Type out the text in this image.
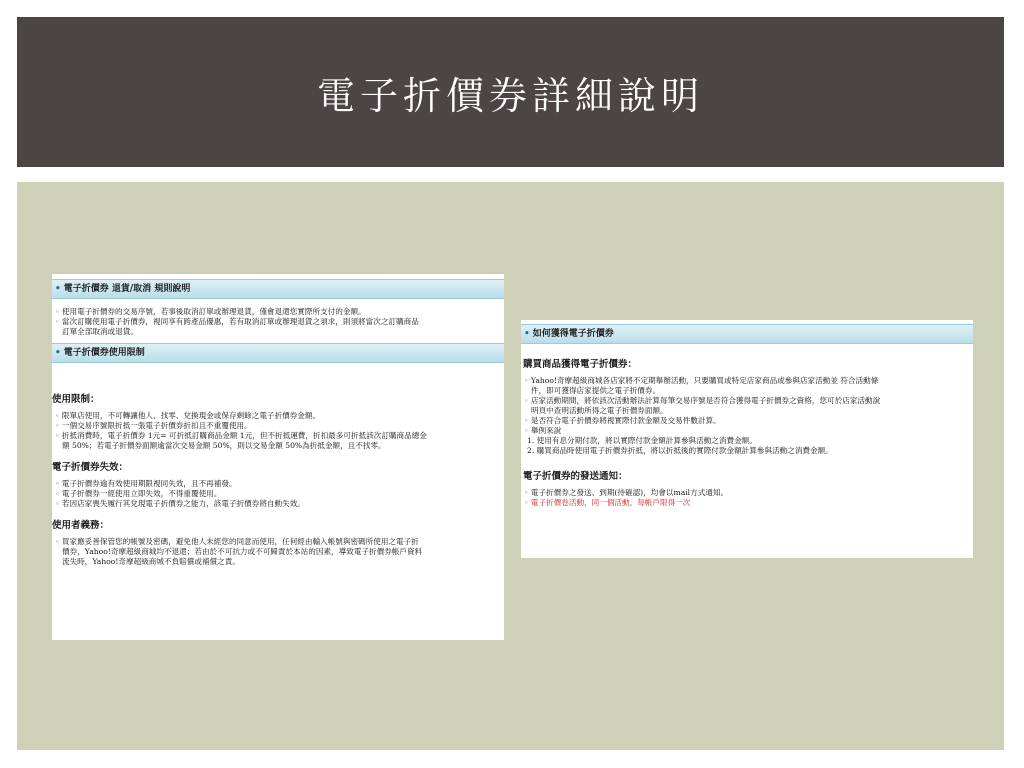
電子折價券詳細說明
• 電子折價券 退貨/取消 規則說明
◦ 使用電子折價券的交易序號，若事後取消訂單或辦理退貨，僅會退還您實際所支付的金額。
◦ 當次訂購使用電子折價券，視同享有跨產品優惠，若有取消訂單或辦理退貨之須求，則須將當次之訂購商品
訂單全部取消或退貨。
• 電子折價券使用限制
使用限制：
◦ 限單店使用，不可轉讓他人、找零、兌換現金或保存剩餘之電子折價券金額。
◦ 一個交易序號限折抵一張電子折價券折扣且不重覆使用。
◦ 折抵消費時，電子折價券 1元= 可折抵訂購商品金額 1元，但不折抵運費，折扣最多可折抵該次訂購商品總金
額 50%；若電子折價券面額逾當次交易金額 50%，則以交易金額 50%為折抵金額，且不找零。
電子折價券失效：
◦ 電子折價券逾有效使用期限視同失效，且不再補發。
◦ 電子折價券一經使用立即失效，不得重覆使用。
◦ 若因店家喪失履行其兌現電子折價券之能力，該電子折價券將自動失效。
使用者義務：
◦ 買家應妥善保管您的帳號及密碼，避免他人未經您的同意而使用，任何經由輸入帳號與密碼所使用之電子折
價券，Yahoo!奇摩超級商城均不退還；若由於不可抗力或不可歸責於本站的因素，導致電子折價券帳戶資料
流失時，Yahoo!奇摩超級商城不負賠償或補償之責。
• 如何獲得電子折價券
購買商品獲得電子折價券：
◦ Yahoo!奇摩超級商城各店家將不定期舉辦活動，只要購買或特定店家商品或參與店家活動並 符合活動條
件，即可獲得店家提供之電子折價券。
◦ 店家活動期間，將依該次活動辦法計算每筆交易序號是否符合獲得電子折價券之資格，您可於店家活動說
明頁中查明活動所得之電子折價券面額。
◦ 是否符合電子折價券將視實際付款金額及交易件數計算。
◦ 舉例來說
1. 使用有息分期付款，將以實際付款金額計算參與活動之消費金額。
2. 購買商品時使用電子折價券折抵，將以折抵後的實際付款金額計算參與活動之消費金額。
電子折價券的發送通知：
◦ 電子折價券之發送、到期(待確認)，均會以mail方式通知。
◦ 電子折價卷活動，同一個活動，每帳戶限得一次
